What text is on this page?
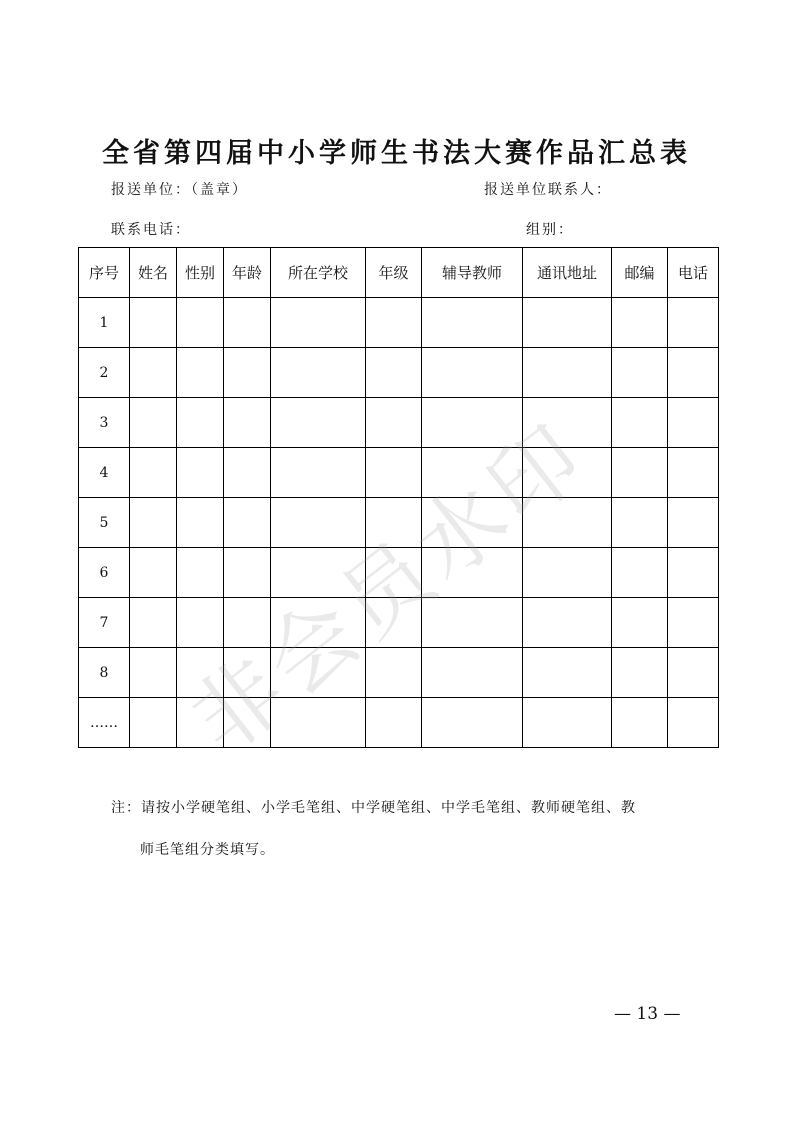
全省第四届中小学师生书法大赛作品汇总表
报送单位：（盖章）	报送单位联系人：
联系电话：	组别：
序号	姓名	性别	年龄	所在学校	年级	辅导教师	通讯地址	邮编	电话
1									
2									
3									
4									
5									
6									
7									
8									
……									
注：请按小学硬笔组、小学毛笔组、中学硬笔组、中学毛笔组、教师硬笔组、教
师毛笔组分类填写。
— 13 —
非会员水印
